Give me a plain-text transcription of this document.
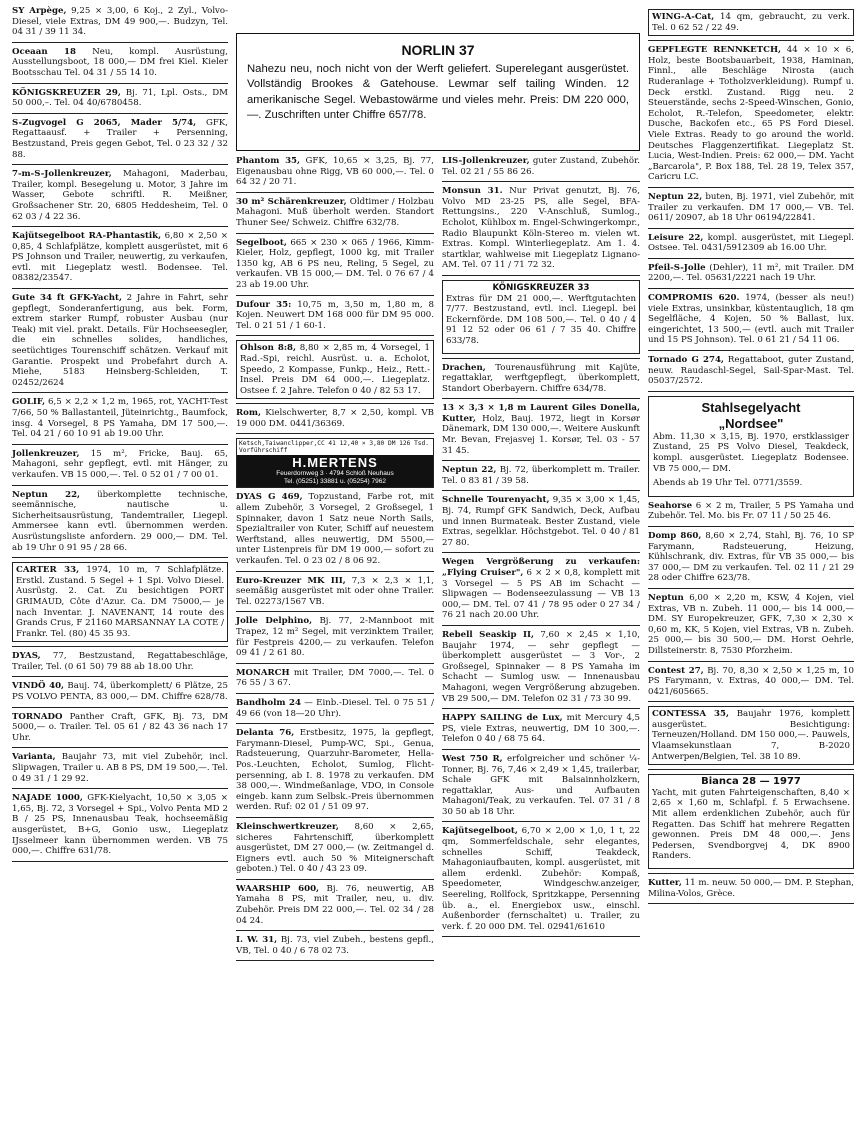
SY Arpège, 9,25 × 3,00, 6 Koj., 2 Zyl., Volvo-Diesel, viele Extras, DM 49 900,—. Budzyn, Tel. 04 31 / 39 11 34.
Oceaan 18 Neu, kompl. Ausrüstung, Ausstellungsboot, 18 000,— DM frei Kiel. Kieler Bootsschau Tel. 04 31 / 55 14 10.
KÖNIGSKREUZER 29, Bj. 71, Lpl. Osts., DM 50 000,–. Tel. 04 40/6780458.
S-Zugvogel G 2065, Mader 5/74, GFK, Regattaausf. + Trailer + Persenning, Bestzustand, Preis gegen Gebot, Tel. 0 23 32 / 32 88.
7-m-S-Jollenkreuzer, Mahagoni, Maderbau, Trailer, kompl. Besegelung u. Motor, 3 Jahre im Wasser, Gebote schriftl. R. Meißner, Großsachener Str. 20, 6805 Heddesheim, Tel. 0 62 03 / 4 22 36.
Kajütsegelboot RA-Phantastik, 6,80 × 2,50 × 0,85, 4 Schlafplätze, komplett ausgerüstet, mit 6 PS Johnson und Trailer, neuwertig, zu verkaufen, evtl. mit Liegeplatz westl. Bodensee. Tel. 08382/23547.
Gute 34 ft GFK-Yacht, 2 Jahre in Fahrt, sehr gepflegt, Sonderanfertigung, aus bek. Form, extrem starker Rumpf, robuster Ausbau (nur Teak) mit viel. prakt. Details. Für Hochseesegler, die ein schnelles solides, handliches, seetüchtiges Tourenschiff schätzen. Verkauf mit Garantie. Prospekt und Probefahrt durch A. Miehe, 5183 Heinsberg-Schleiden, T. 02452/2624
GOLIF, 6,5 × 2,2 × 1,2 m, 1965, rot, YACHT-Test 7/66, 50 % Ballastanteil, Jüteinrichtg., Baumfock, insg. 4 Vorsegel, 8 PS Yamaha, DM 17 500,—. Tel. 04 21 / 60 10 91 ab 19.00 Uhr.
Jollenkreuzer, 15 m², Fricke, Bauj. 65, Mahagoni, sehr gepflegt, evtl. mit Hänger, zu verkaufen. VB 15 000,—. Tel. 0 52 01 / 7 00 01.
Neptun 22, überkomplette technische, seemännische, nautische u. Sicherheitsausrüstung, Tandemtrailer, Liegepl. Ammersee kann evtl. übernommen werden. Ausrüstungsliste anfordern. 29 000,— DM. Tel. ab 19 Uhr 0 91 95 / 28 66.
CARTER 33, 1974, 10 m, 7 Schlafplätze. Erstkl. Zustand. 5 Segel + 1 Spi. Volvo Diesel. Ausrüstg. 2. Cat. Zu besichtigen PORT GRIMAUD, Côte d'Azur. Ca. DM 75000,— je nach Inventar. J. NAVENANT, 14 route des Grands Crus, F 21160 MARSANNAY LA COTE / Frankr. Tel. (80) 45 35 93.
DYAS, 77, Bestzustand, Regattabeschläge, Trailer, Tel. (0 61 50) 79 88 ab 18.00 Uhr.
VINDÖ 40, Bauj. 74, überkomplett/ 6 Plätze, 25 PS VOLVO PENTA, 83 000,— DM. Chiffre 628/78.
TORNADO Panther Craft, GFK, Bj. 73, DM 5000,— o. Trailer. Tel. 05 61 / 82 43 36 nach 17 Uhr.
Varianta, Baujahr 73, mit viel Zubehör, incl. Slipwagen, Trailer u. AB 8 PS, DM 19 500,—. Tel. 0 49 31 / 1 29 92.
NAJADE 1000, GFK-Kielyacht, 10,50 × 3,05 × 1,65, Bj. 72, 3 Vorsegel + Spi., Volvo Penta MD 2 B / 25 PS, Innenausbau Teak, hochseemäßig ausgerüstet, B+G, Gonio usw., Liegeplatz IJsselmeer kann übernommen werden. VB 75 000,—. Chiffre 631/78.
NORLIN 37
Nahezu neu, noch nicht von der Werft geliefert. Superelegant ausgerüstet. Vollständig Brookes & Gatehouse. Lewmar self tailing Winden. 12 amerikanische Segel. Webastowärme und vieles mehr. Preis: DM 220 000,—. Zuschriften unter Chiffre 657/78.
Phantom 35, GFK, 10,65 × 3,25, Bj. 77, Eigenausbau ohne Rigg, VB 60 000,—. Tel. 0 64 32 / 20 71.
30 m² Schärenkreuzer, Oldtimer / Holzbau Mahagoni. Muß überholt werden. Standort Thuner See/ Schweiz. Chiffre 632/78.
Segelboot, 665 × 230 × 065 / 1966, Kimm-Kieler, Holz, gepflegt, 1000 kg, mit Trailer 1350 kg, AB 6 PS neu, Reling, 5 Segel, zu verkaufen. VB 15 000,— DM. Tel. 0 76 67 / 4 23 ab 19.00 Uhr.
Dufour 35: 10,75 m, 3,50 m, 1,80 m, 8 Kojen. Neuwert DM 168 000 für DM 95 000. Tel. 0 21 51 / 1 60-1.
Ohlson 8:8, 8,80 × 2,85 m, 4 Vorsegel, 1 Rad.-Spi, reichl. Ausrüst. u. a. Echolot, Speedo, 2 Kompasse, Funkp., Heiz., Rett.-Insel. Preis DM 64 000,—. Liegeplatz. Ostsee f. 2 Jahre. Telefon 0 40 / 82 53 17.
Rom, Kielschwerter, 8,7 × 2,50, kompl. VB 19 000 DM. 0441/36369.
Ketsch,Taiwanclipper,CC 41 12,40 × 3,80 DM 126 Tsd. Vorführschiff
H.MERTENS
Feuerdornweg 3 · 4794 Schloß Neuhaus
Tel. (05251) 33881 u. (05254) 7962
DYAS G 469, Topzustand, Farbe rot, mit allem Zubehör, 3 Vorsegel, 2 Großsegel, 1 Spinnaker, davon 1 Satz neue North Sails, Spezialtrailer von Kuter, Schiff auf neuestem Werftstand, alles neuwertig, DM 5500,— unter Listenpreis für DM 19 000,— sofort zu verkaufen. Tel. 0 23 02 / 8 06 92.
Euro-Kreuzer MK III, 7,3 × 2,3 × 1,1, seemäßig ausgerüstet mit oder ohne Trailer. Tel. 02273/1567 VB.
Jolle Delphino, Bj. 77, 2-Mannboot mit Trapez, 12 m² Segel, mit verzinktem Trailer, für Festpreis 4200,— zu verkaufen. Telefon 09 41 / 2 61 80.
MONARCH mit Trailer, DM 7000,—. Tel. 0 76 55 / 3 67.
Bandholm 24 — Einb.-Diesel. Tel. 0 75 51 / 49 66 (von 18—20 Uhr).
Delanta 76, Erstbesitz, 1975, la gepflegt, Farymann-Diesel, Pump-WC, Spi., Genua, Radsteuerung, Quarzuhr-Barometer, Hella-Pos.-Leuchten, Echolot, Sumlog, Flicht-persenning, ab I. 8. 1978 zu verkaufen. DM 38 000,—. Windmeßanlage, VDO, in Console eingeb. kann zum Selbsk.-Preis übernommen werden. Ruf: 02 01 / 51 09 97.
Kleinschwertkreuzer, 8,60 × 2,65, sicheres Fahrtenschiff, überkomplett ausgerüstet, DM 27 000,— (w. Zeitmangel d. Eigners evtl. auch 50 % Miteignerschaft geboten.) Tel. 0 40 / 43 23 09.
WAARSHIP 600, Bj. 76, neuwertig, AB Yamaha 8 PS, mit Trailer, neu, u. div. Zubehör. Preis DM 22 000,—. Tel. 02 34 / 28 04 24.
I. W. 31, Bj. 73, viel Zubeh., bestens gepfl., VB, Tel. 0 40 / 6 78 02 73.
LIS-Jollenkreuzer, guter Zustand, Zubehör. Tel. 02 21 / 55 86 26.
Monsun 31. Nur Privat genutzt, Bj. 76, Volvo MD 23-25 PS, alle Segel, BFA-Rettungsins., 220 V-Anschluß, Sumlog., Echolot, Kühlbox m. Engel-Schwingerkompr., Radio Blaupunkt Köln-Stereo m. vielen wt. Extras. Kompl. Winterliegeplatz. Am 1. 4. startklar, wahlweise mit Liegeplatz Lignano-AM. Tel. 07 11 / 71 72 32.
KÖNIGSKREUZER 33
Extras für DM 21 000,—. Werftgutachten 7/77. Bestzustand, evtl. incl. Liegepl. bei Eckernförde. DM 108 500,—. Tel. 0 40 / 4 91 12 52 oder 06 61 / 7 35 40. Chiffre 633/78.
Drachen, Tourenausführung mit Kajüte, regattaklar, werftgepflegt, überkomplett, Standort Oberbayern. Chiffre 634/78.
13 × 3,3 × 1,8 m Laurent Giles Donella, Kutter, Holz, Bauj. 1972, liegt in Korsør Dänemark, DM 130 000,—. Weitere Auskunft Mr. Bevan, Frejasvej 1. Korsør, Tel. 03 - 57 31 45.
Neptun 22, Bj. 72, überkomplett m. Trailer. Tel. 0 83 81 / 39 58.
Schnelle Tourenyacht, 9,35 × 3,00 × 1,45, Bj. 74, Rumpf GFK Sandwich, Deck, Aufbau und innen Burmateak. Bester Zustand, viele Extras, segelklar. Höchstgebot. Tel. 0 40 / 81 27 80.
Wegen Vergrößerung zu verkaufen: „Flying Cruiser", 6 × 2 × 0,8, komplett mit 3 Vorsegel — 5 PS AB im Schacht — Slipwagen — Bodenseezulassung — VB 13 000,— DM. Tel. 07 41 / 78 95 oder 0 27 34 / 76 21 nach 20.00 Uhr.
Rebell Seaskip II, 7,60 × 2,45 × 1,10, Baujahr 1974, — sehr gepflegt — überkomplett ausgerüstet — 3 Vor-, 2 Großsegel, Spinnaker — 8 PS Yamaha im Schacht — Sumlog usw. — Innenausbau Mahagoni, wegen Vergrößerung abzugeben. VB 29 500,— DM. Telefon 02 31 / 73 30 99.
HAPPY SAILING de Lux, mit Mercury 4,5 PS, viele Extras, neuwertig, DM 10 300,—. Telefon 0 40 / 68 75 64.
West 750 R, erfolgreicher und schöner ¼-Tonner, Bj. 76, 7,46 × 2,49 × 1,45, trailerbar, Schale GFK mit Balsainnholzkern, regattaklar, Aus- und Aufbauten Mahagoni/Teak, zu verkaufen. Tel. 07 31 / 8 30 50 ab 18 Uhr.
Kajütsegelboot, 6,70 × 2,00 × 1,0, 1 t, 22 qm, Sommerfeldschale, sehr elegantes, schnelles Schiff, Teakdeck, Mahagoniaufbauten, kompl. ausgerüstet, mit allem erdenkl. Zubehör: Kompaß, Speedometer, Windgeschw.anzeiger, Seereling, Rollfock, Spritzkappe, Persenning üb. a., el. Energiebox usw., einschl. Außenborder (fernschaltet) u. Trailer, zu verk. f. 20 000 DM. Tel. 02941/61610
WING-A-Cat, 14 qm, gebraucht, zu verk. Tel. 0 62 52 / 22 49.
GEPFLEGTE RENNKETCH, 44 × 10 × 6, Holz, beste Bootsbauarbeit, 1938, Haminan, Finnl., alle Beschläge Nirosta (auch Ruderanlage + Totholzverkleidung). Rumpf u. Deck erstkl. Zustand. Rigg neu. 2 Steuerstände, sechs 2-Speed-Winschen, Gonio, Echolot, R.-Telefon, Speedometer, elektr. Dusche, Backofen etc., 65 PS Ford Diesel. Viele Extras. Ready to go around the world. Deutsches Flaggenzertifikat. Liegeplatz St. Lucia, West-Indien. Preis: 62 000,— DM. Yacht „Barcarola", P. Box 188, Tel. 28 19, Telex 357, Caricru LC.
Neptun 22, buten, Bj. 1971, viel Zubehör, mit Trailer zu verkaufen. DM 17 000,— VB. Tel. 0611/ 20907, ab 18 Uhr 06194/22841.
Leisure 22, kompl. ausgerüstet, mit Liegepl. Ostsee. Tel. 0431/5912309 ab 16.00 Uhr.
Pfeil-S-Jolle (Dehler), 11 m², mit Trailer. DM 2200,—. Tel. 05631/2221 nach 19 Uhr.
COMPROMIS 620. 1974, (besser als neu!) viele Extras, unsinkbar, küstentauglich, 18 qm Segelfläche, 4 Kojen, 50 % Ballast, lux. eingerichtet, 13 500,— (evtl. auch mit Trailer und 15 PS Johnson). Tel. 0 61 21 / 54 11 06.
Tornado G 274, Regattaboot, guter Zustand, neuw. Raudaschl-Segel, Sail-Spar-Mast. Tel. 05037/2572.
Stahlsegelyacht
„Nordsee"
Abm. 11,30 × 3,15, Bj. 1970, erstklassiger Zustand, 25 PS Volvo Diesel, Teakdeck, kompl. ausgerüstet. Liegeplatz Bodensee. VB 75 000,— DM.
Abends ab 19 Uhr Tel. 0771/3559.
Seahorse 6 × 2 m, Trailer, 5 PS Yamaha und Zubehör. Tel. Mo. bis Fr. 07 11 / 50 25 46.
Domp 860, 8,60 × 2,74, Stahl, Bj. 76, 10 SP Farymann, Radsteuerung, Heizung, Kühlschrank, div. Extras, für VB 35 000,— bis 37 000,— DM zu verkaufen. Tel. 02 11 / 21 29 28 oder Chiffre 623/78.
Neptun 6,00 × 2,20 m, KSW, 4 Kojen, viel Extras, VB n. Zubeh. 11 000,— bis 14 000,— DM. SY Europekreuzer, GFK, 7,30 × 2,30 × 0,60 m, KK, 5 Kojen, viel Extras, VB n. Zubeh. 25 000,— bis 30 500,— DM. Horst Oehrle, Dillsteinerstr. 8, 7530 Pforzheim.
Contest 27, Bj. 70, 8,30 × 2,50 × 1,25 m, 10 PS Farymann, v. Extras, 40 000,— DM. Tel. 0421/605665.
CONTESSA 35, Baujahr 1976, komplett ausgerüstet. Besichtigung: Terneuzen/Holland. DM 150 000,—. Pauwels, Vlaamsekunstlaan 7, B-2020 Antwerpen/Belgien, Tel. 38 10 89.
Bianca 28 — 1977
Yacht, mit guten Fahrteigenschaften, 8,40 × 2,65 × 1,60 m, Schlafpl. f. 5 Erwachsene. Mit allem erdenklichen Zubehör, auch für Regatten. Das Schiff hat mehrere Regatten gewonnen. Preis DM 48 000,—. Jens Pedersen, Svendborgvej 4, DK 8900 Randers.
Kutter, 11 m. neuw. 50 000,— DM. P. Stephan, Milina-Volos, Grèce.
